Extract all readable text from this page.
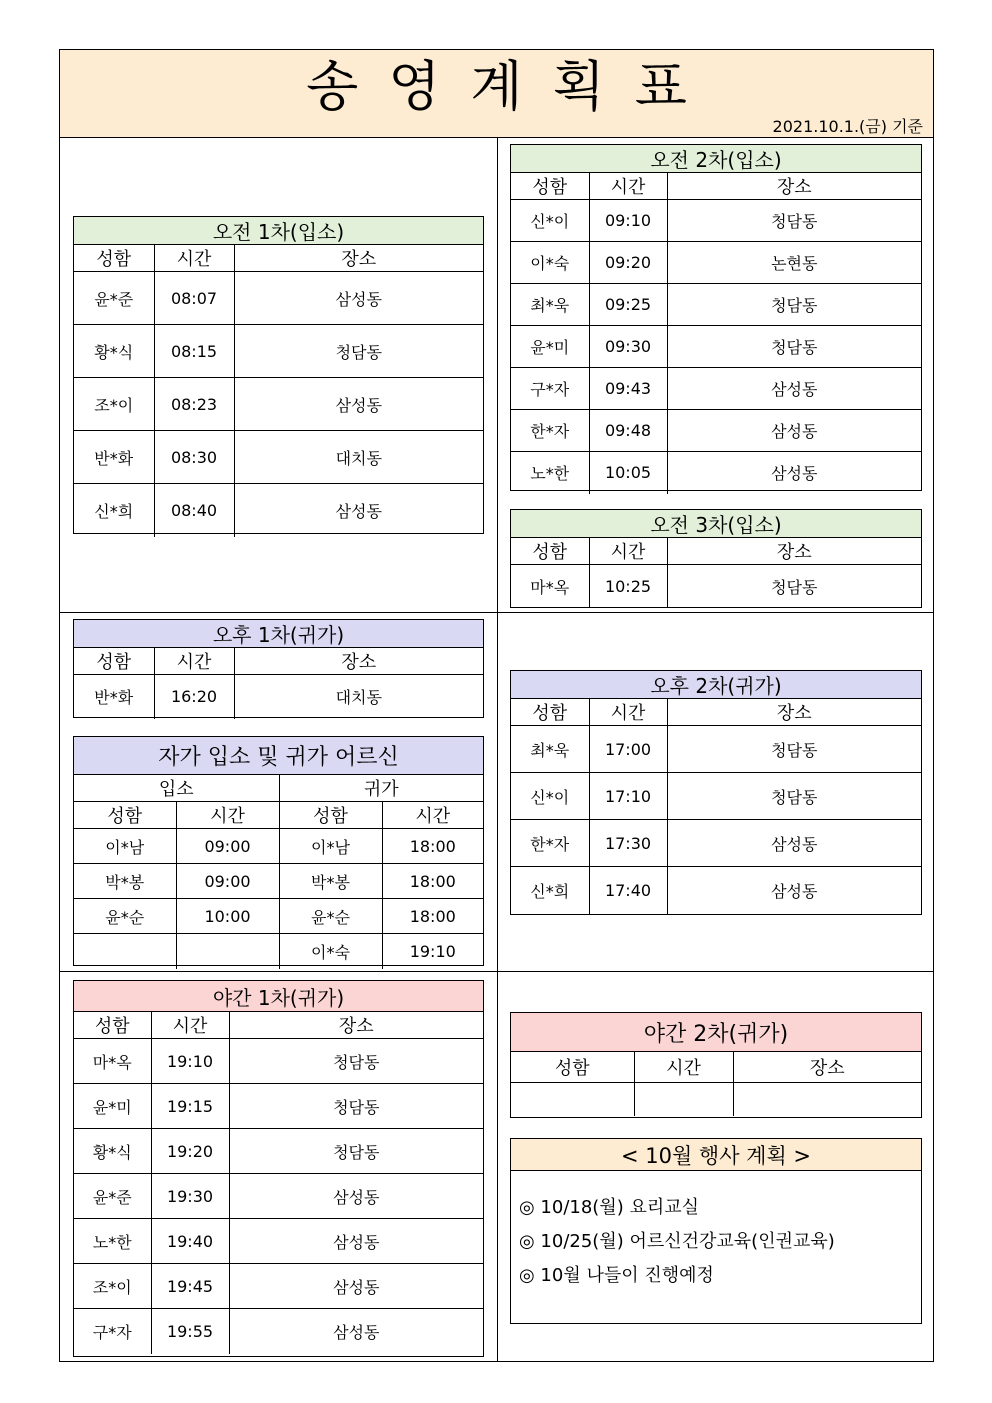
송영계획표
2021.10.1.(금) 기준
오전 1차(입소)
성함	시간	장소
윤*준	08:07	삼성동
황*식	08:15	청담동
조*이	08:23	삼성동
반*화	08:30	대치동
신*희	08:40	삼성동
오전 2차(입소)
성함	시간	장소
신*이	09:10	청담동
이*숙	09:20	논현동
최*욱	09:25	청담동
윤*미	09:30	청담동
구*자	09:43	삼성동
한*자	09:48	삼성동
노*한	10:05	삼성동
오전 3차(입소)
성함	시간	장소
마*옥	10:25	청담동
오후 1차(귀가)
성함	시간	장소
반*화	16:20	대치동
자가 입소 및 귀가 어르신
입소		귀가	
성함	시간	성함	시간
이*남	09:00	이*남	18:00
박*봉	09:00	박*봉	18:00
윤*순	10:00	윤*순	18:00
		이*숙	19:10
오후 2차(귀가)
성함	시간	장소
최*욱	17:00	청담동
신*이	17:10	청담동
한*자	17:30	삼성동
신*희	17:40	삼성동
야간 1차(귀가)
성함	시간	장소
마*옥	19:10	청담동
윤*미	19:15	청담동
황*식	19:20	청담동
윤*준	19:30	삼성동
노*한	19:40	삼성동
조*이	19:45	삼성동
구*자	19:55	삼성동
야간 2차(귀가)
성함	시간	장소

< 10월 행사 계획 >
◎ 10/18(월) 요리교실
◎ 10/25(월) 어르신건강교육(인권교육)
◎ 10월 나들이 진행예정
